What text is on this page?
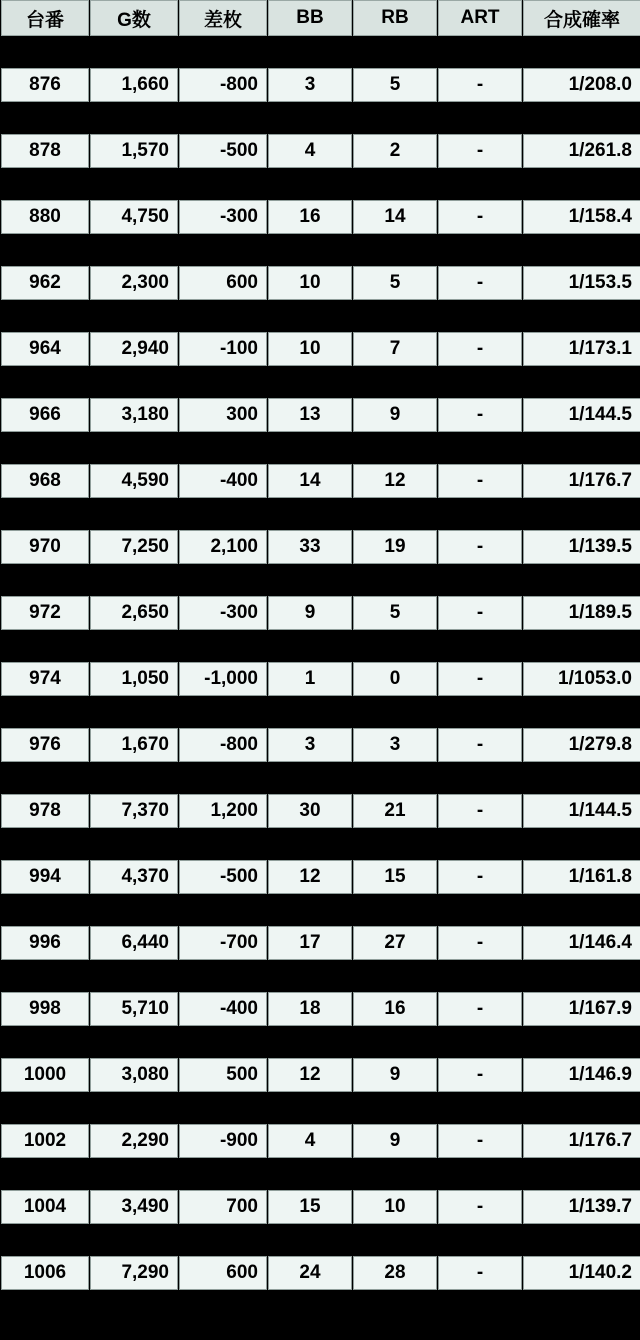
台番	G数	差枚	BB	RB	ART	合成確率

876	1,660	-800	3	5	-	1/208.0

878	1,570	-500	4	2	-	1/261.8

880	4,750	-300	16	14	-	1/158.4

962	2,300	600	10	5	-	1/153.5

964	2,940	-100	10	7	-	1/173.1

966	3,180	300	13	9	-	1/144.5

968	4,590	-400	14	12	-	1/176.7

970	7,250	2,100	33	19	-	1/139.5

972	2,650	-300	9	5	-	1/189.5

974	1,050	-1,000	1	0	-	1/1053.0

976	1,670	-800	3	3	-	1/279.8

978	7,370	1,200	30	21	-	1/144.5

994	4,370	-500	12	15	-	1/161.8

996	6,440	-700	17	27	-	1/146.4

998	5,710	-400	18	16	-	1/167.9

1000	3,080	500	12	9	-	1/146.9

1002	2,290	-900	4	9	-	1/176.7

1004	3,490	700	15	10	-	1/139.7

1006	7,290	600	24	28	-	1/140.2
